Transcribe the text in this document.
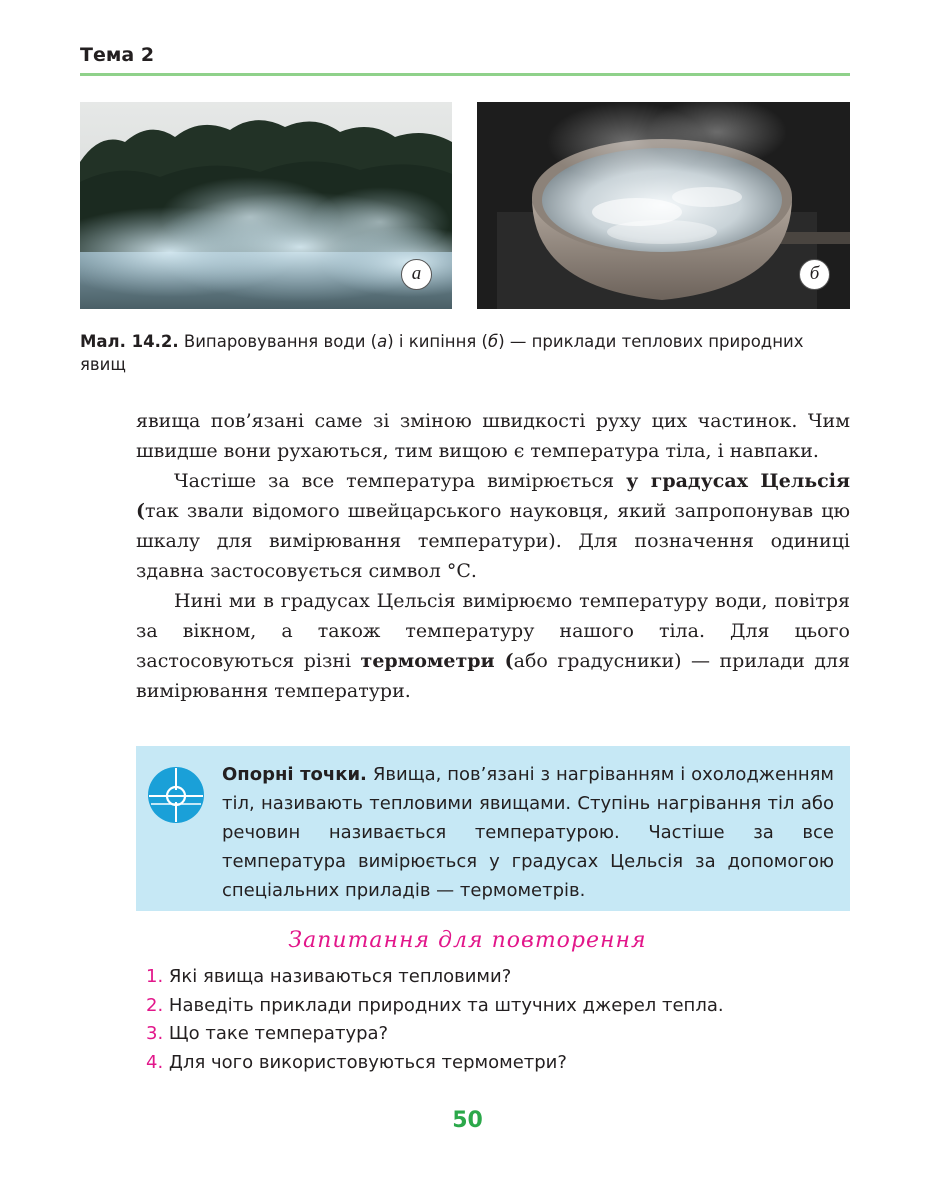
Тема 2
а	б
Мал. 14.2. Випаровування води (а) і кипіння (б) — приклади теплових природних явищ

явища пов’язані саме зі зміною швидкості руху цих частинок. Чим швидше вони рухаються, тим вищою є температура тіла, і навпаки.

Частіше за все температура вимірюється у градусах Цельсія (так звали відомого швейцарського науковця, який запропонував цю шкалу для вимірювання температури). Для позначення одиниці здавна застосовується символ °С.

Нині ми в градусах Цельсія вимірюємо температуру води, повітря за вікном, а також температуру нашого тіла. Для цього застосовуються різні термометри (або градусники) — прилади для вимірювання температури.

Опорні точки. Явища, пов’язані з нагріванням і охолодженням тіл, називають тепловими явищами. Ступінь нагрівання тіл або речовин називається температурою. Частіше за все температура вимірюється у градусах Цельсія за допомогою спеціальних приладів — термометрів.
Запитання для повторення
1. Які явища називаються тепловими?
2. Наведіть приклади природних та штучних джерел тепла.
3. Що таке температура?
4. Для чого використовуються термометри?
50
